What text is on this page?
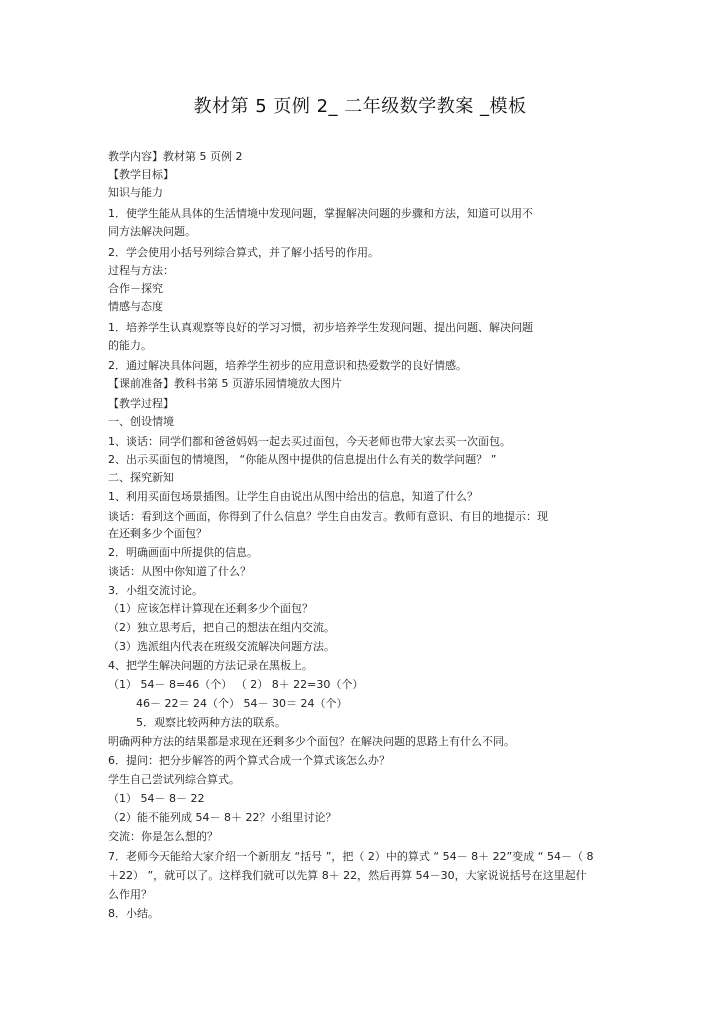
教材第 5 页例 2_ 二年级数学教案 _模板
教学内容】教材第 5 页例 2
【教学目标】
知识与能力
1．使学生能从具体的生活情境中发现问题，掌握解决问题的步骤和方法，知道可以用不
同方法解决问题。
2．学会使用小括号列综合算式，并了解小括号的作用。
过程与方法：
合作－探究
情感与态度
1．培养学生认真观察等良好的学习习惯，初步培养学生发现问题、提出问题、解决问题
的能力。
2．通过解决具体问题，培养学生初步的应用意识和热爱数学的良好情感。
【课前准备】教科书第 5 页游乐园情境放大图片
【教学过程】
一、创设情境
1、谈话：同学们都和爸爸妈妈一起去买过面包，今天老师也带大家去买一次面包。
2、出示买面包的情境图， “你能从图中提供的信息提出什么有关的数学问题？ ”
二、探究新知
1、利用买面包场景插图。让学生自由说出从图中给出的信息，知道了什么？
谈话：看到这个画面，你得到了什么信息？学生自由发言。教师有意识、有目的地提示：现
在还剩多少个面包？
2．明确画面中所提供的信息。
谈话：从图中你知道了什么？
3．小组交流讨论。
（1）应该怎样计算现在还剩多少个面包？
（2）独立思考后，把自己的想法在组内交流。
（3）选派组内代表在班级交流解决问题方法。
4、把学生解决问题的方法记录在黑板上。
（1） 54－ 8=46（个） （ 2） 8＋ 22=30（个）
46－ 22＝ 24（个） 54－ 30＝ 24（个）
5．观察比较两种方法的联系。
明确两种方法的结果都是求现在还剩多少个面包？在解决问题的思路上有什么不同。
6．提问：把分步解答的两个算式合成一个算式该怎么办？
学生自己尝试列综合算式。
（1） 54－ 8－ 22
（2）能不能列成 54－ 8＋ 22？小组里讨论？
交流：你是怎么想的？
7．老师今天能给大家介绍一个新朋友 “括号 ”，把（ 2）中的算式 “ 54－ 8＋ 22”变成 “ 54－（ 8
＋22） ”，就可以了。这样我们就可以先算 8＋ 22，然后再算 54－30，大家说说括号在这里起什
么作用？
8．小结。
